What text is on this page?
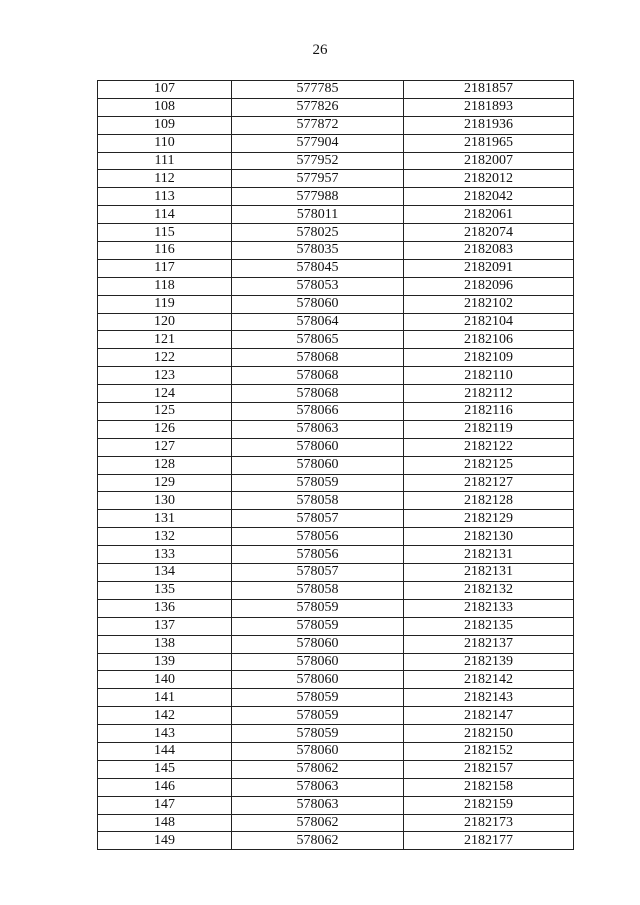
26
107	577785	2181857
108	577826	2181893
109	577872	2181936
110	577904	2181965
111	577952	2182007
112	577957	2182012
113	577988	2182042
114	578011	2182061
115	578025	2182074
116	578035	2182083
117	578045	2182091
118	578053	2182096
119	578060	2182102
120	578064	2182104
121	578065	2182106
122	578068	2182109
123	578068	2182110
124	578068	2182112
125	578066	2182116
126	578063	2182119
127	578060	2182122
128	578060	2182125
129	578059	2182127
130	578058	2182128
131	578057	2182129
132	578056	2182130
133	578056	2182131
134	578057	2182131
135	578058	2182132
136	578059	2182133
137	578059	2182135
138	578060	2182137
139	578060	2182139
140	578060	2182142
141	578059	2182143
142	578059	2182147
143	578059	2182150
144	578060	2182152
145	578062	2182157
146	578063	2182158
147	578063	2182159
148	578062	2182173
149	578062	2182177
